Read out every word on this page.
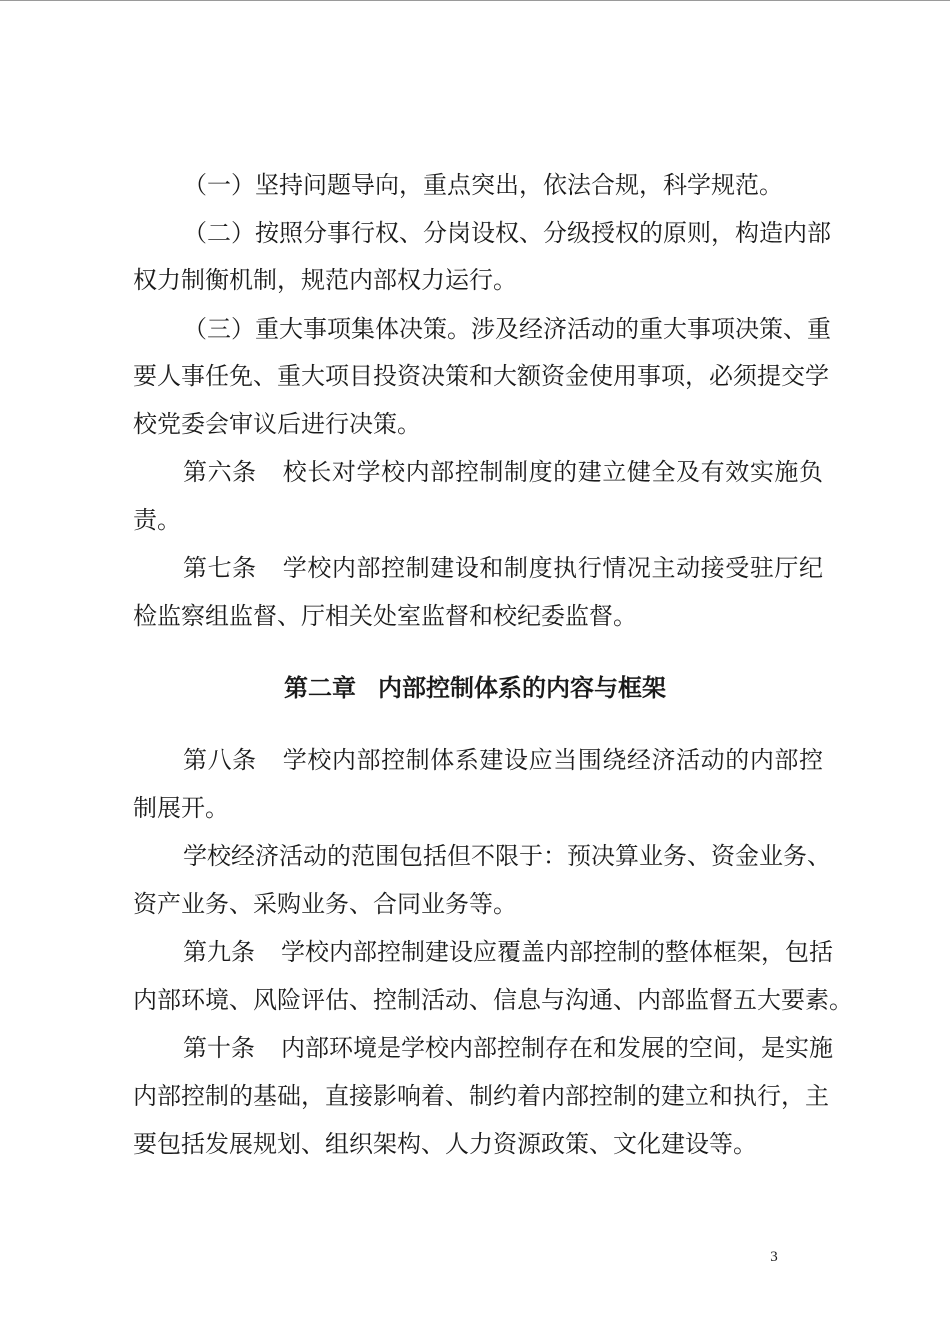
（一）坚持问题导向，重点突出，依法合规，科学规范。
（二）按照分事行权、分岗设权、分级授权的原则，构造内部
权力制衡机制，规范内部权力运行。
（三）重大事项集体决策。涉及经济活动的重大事项决策、重
要人事任免、重大项目投资决策和大额资金使用事项，必须提交学
校党委会审议后进行决策。
第六条 校长对学校内部控制制度的建立健全及有效实施负
责。
第七条 学校内部控制建设和制度执行情况主动接受驻厅纪
检监察组监督、厅相关处室监督和校纪委监督。
第二章 内部控制体系的内容与框架
第八条 学校内部控制体系建设应当围绕经济活动的内部控
制展开。
学校经济活动的范围包括但不限于：预决算业务、资金业务、
资产业务、采购业务、合同业务等。
第九条 学校内部控制建设应覆盖内部控制的整体框架，包括
内部环境、风险评估、控制活动、信息与沟通、内部监督五大要素。
第十条 内部环境是学校内部控制存在和发展的空间，是实施
内部控制的基础，直接影响着、制约着内部控制的建立和执行，主
要包括发展规划、组织架构、人力资源政策、文化建设等。
3
